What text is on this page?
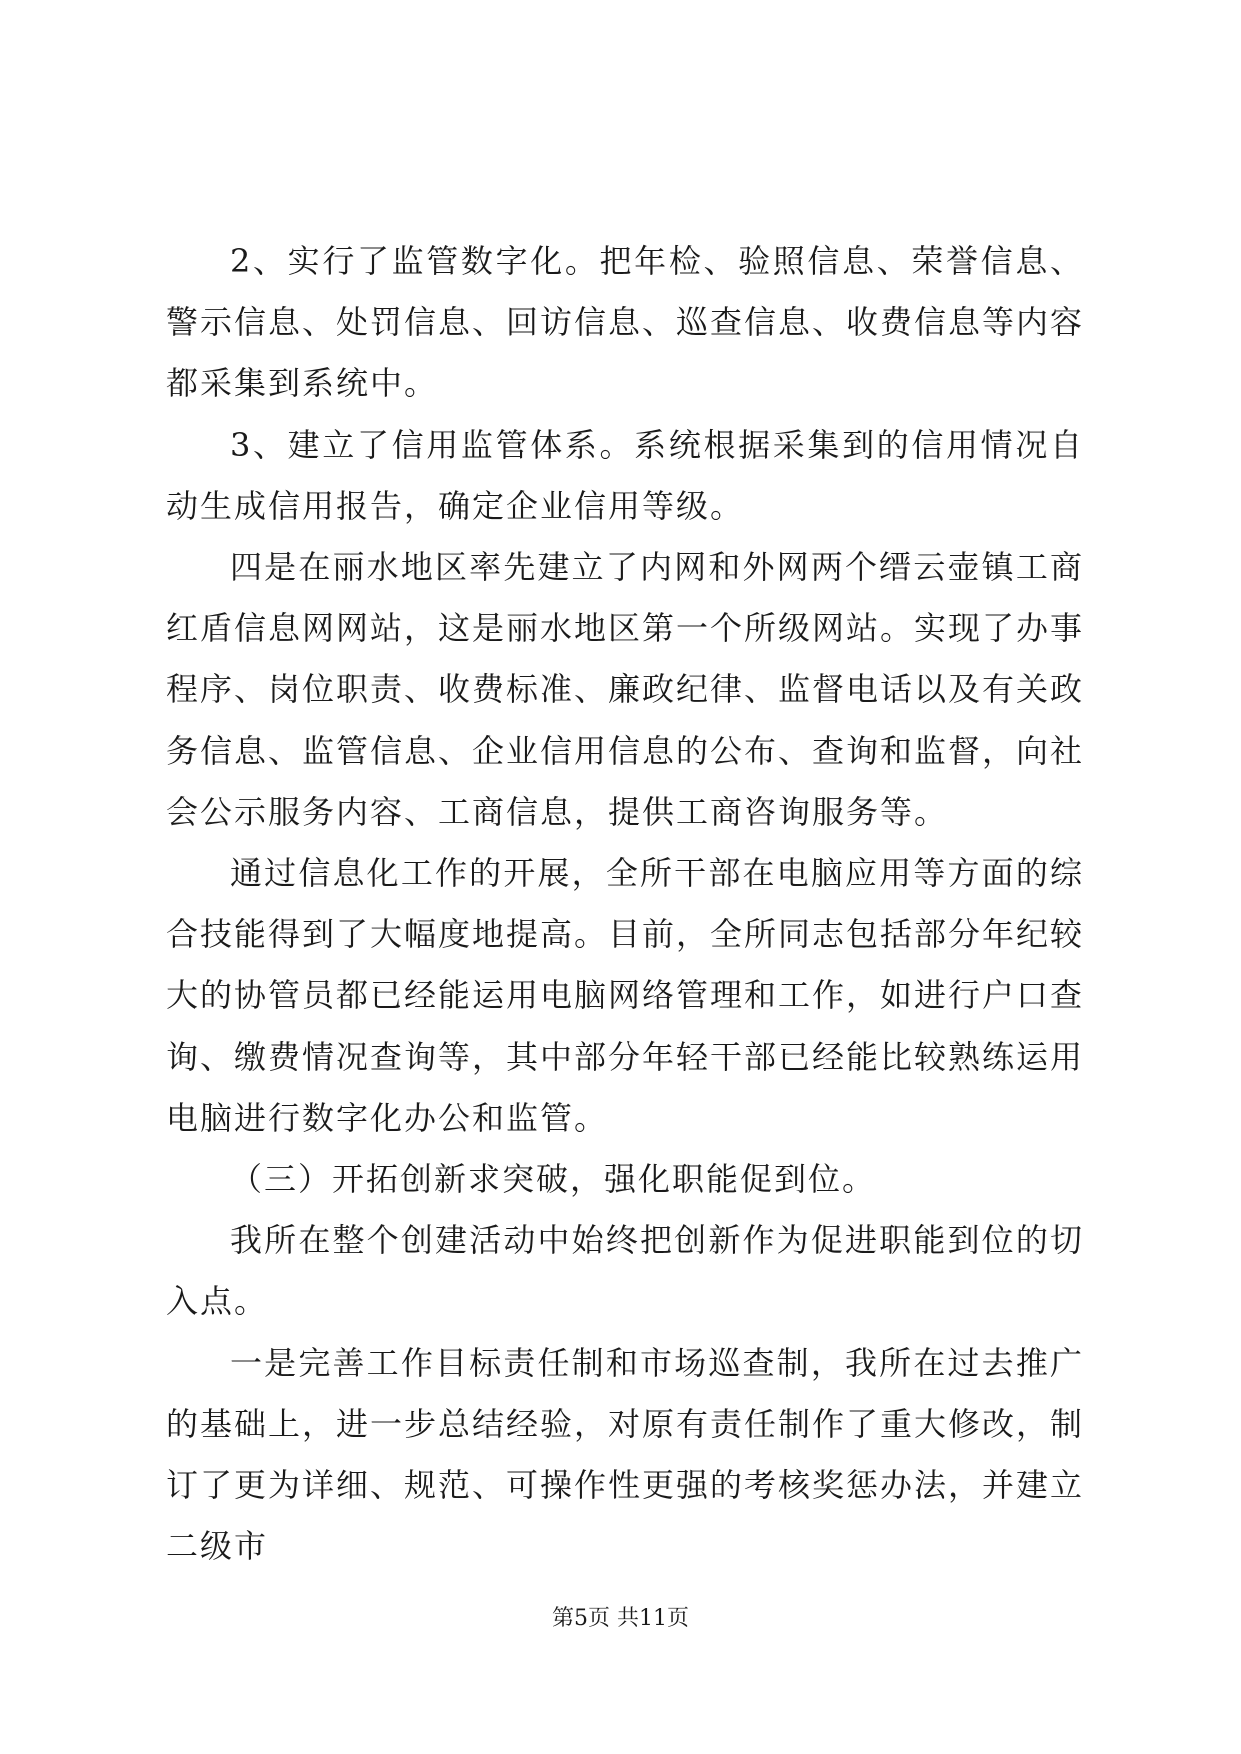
2、实行了监管数字化。把年检、验照信息、荣誉信息、警示信息、处罚信息、回访信息、巡查信息、收费信息等内容都采集到系统中。

3、建立了信用监管体系。系统根据采集到的信用情况自动生成信用报告，确定企业信用等级。

四是在丽水地区率先建立了内网和外网两个缙云壶镇工商红盾信息网网站，这是丽水地区第一个所级网站。实现了办事程序、岗位职责、收费标准、廉政纪律、监督电话以及有关政务信息、监管信息、企业信用信息的公布、查询和监督，向社会公示服务内容、工商信息，提供工商咨询服务等。

通过信息化工作的开展，全所干部在电脑应用等方面的综合技能得到了大幅度地提高。目前，全所同志包括部分年纪较大的协管员都已经能运用电脑网络管理和工作，如进行户口查询、缴费情况查询等，其中部分年轻干部已经能比较熟练运用电脑进行数字化办公和监管。

（三）开拓创新求突破，强化职能促到位。

我所在整个创建活动中始终把创新作为促进职能到位的切入点。

一是完善工作目标责任制和市场巡查制，我所在过去推广的基础上，进一步总结经验，对原有责任制作了重大修改，制订了更为详细、规范、可操作性更强的考核奖惩办法，并建立二级市

第5页 共11页
